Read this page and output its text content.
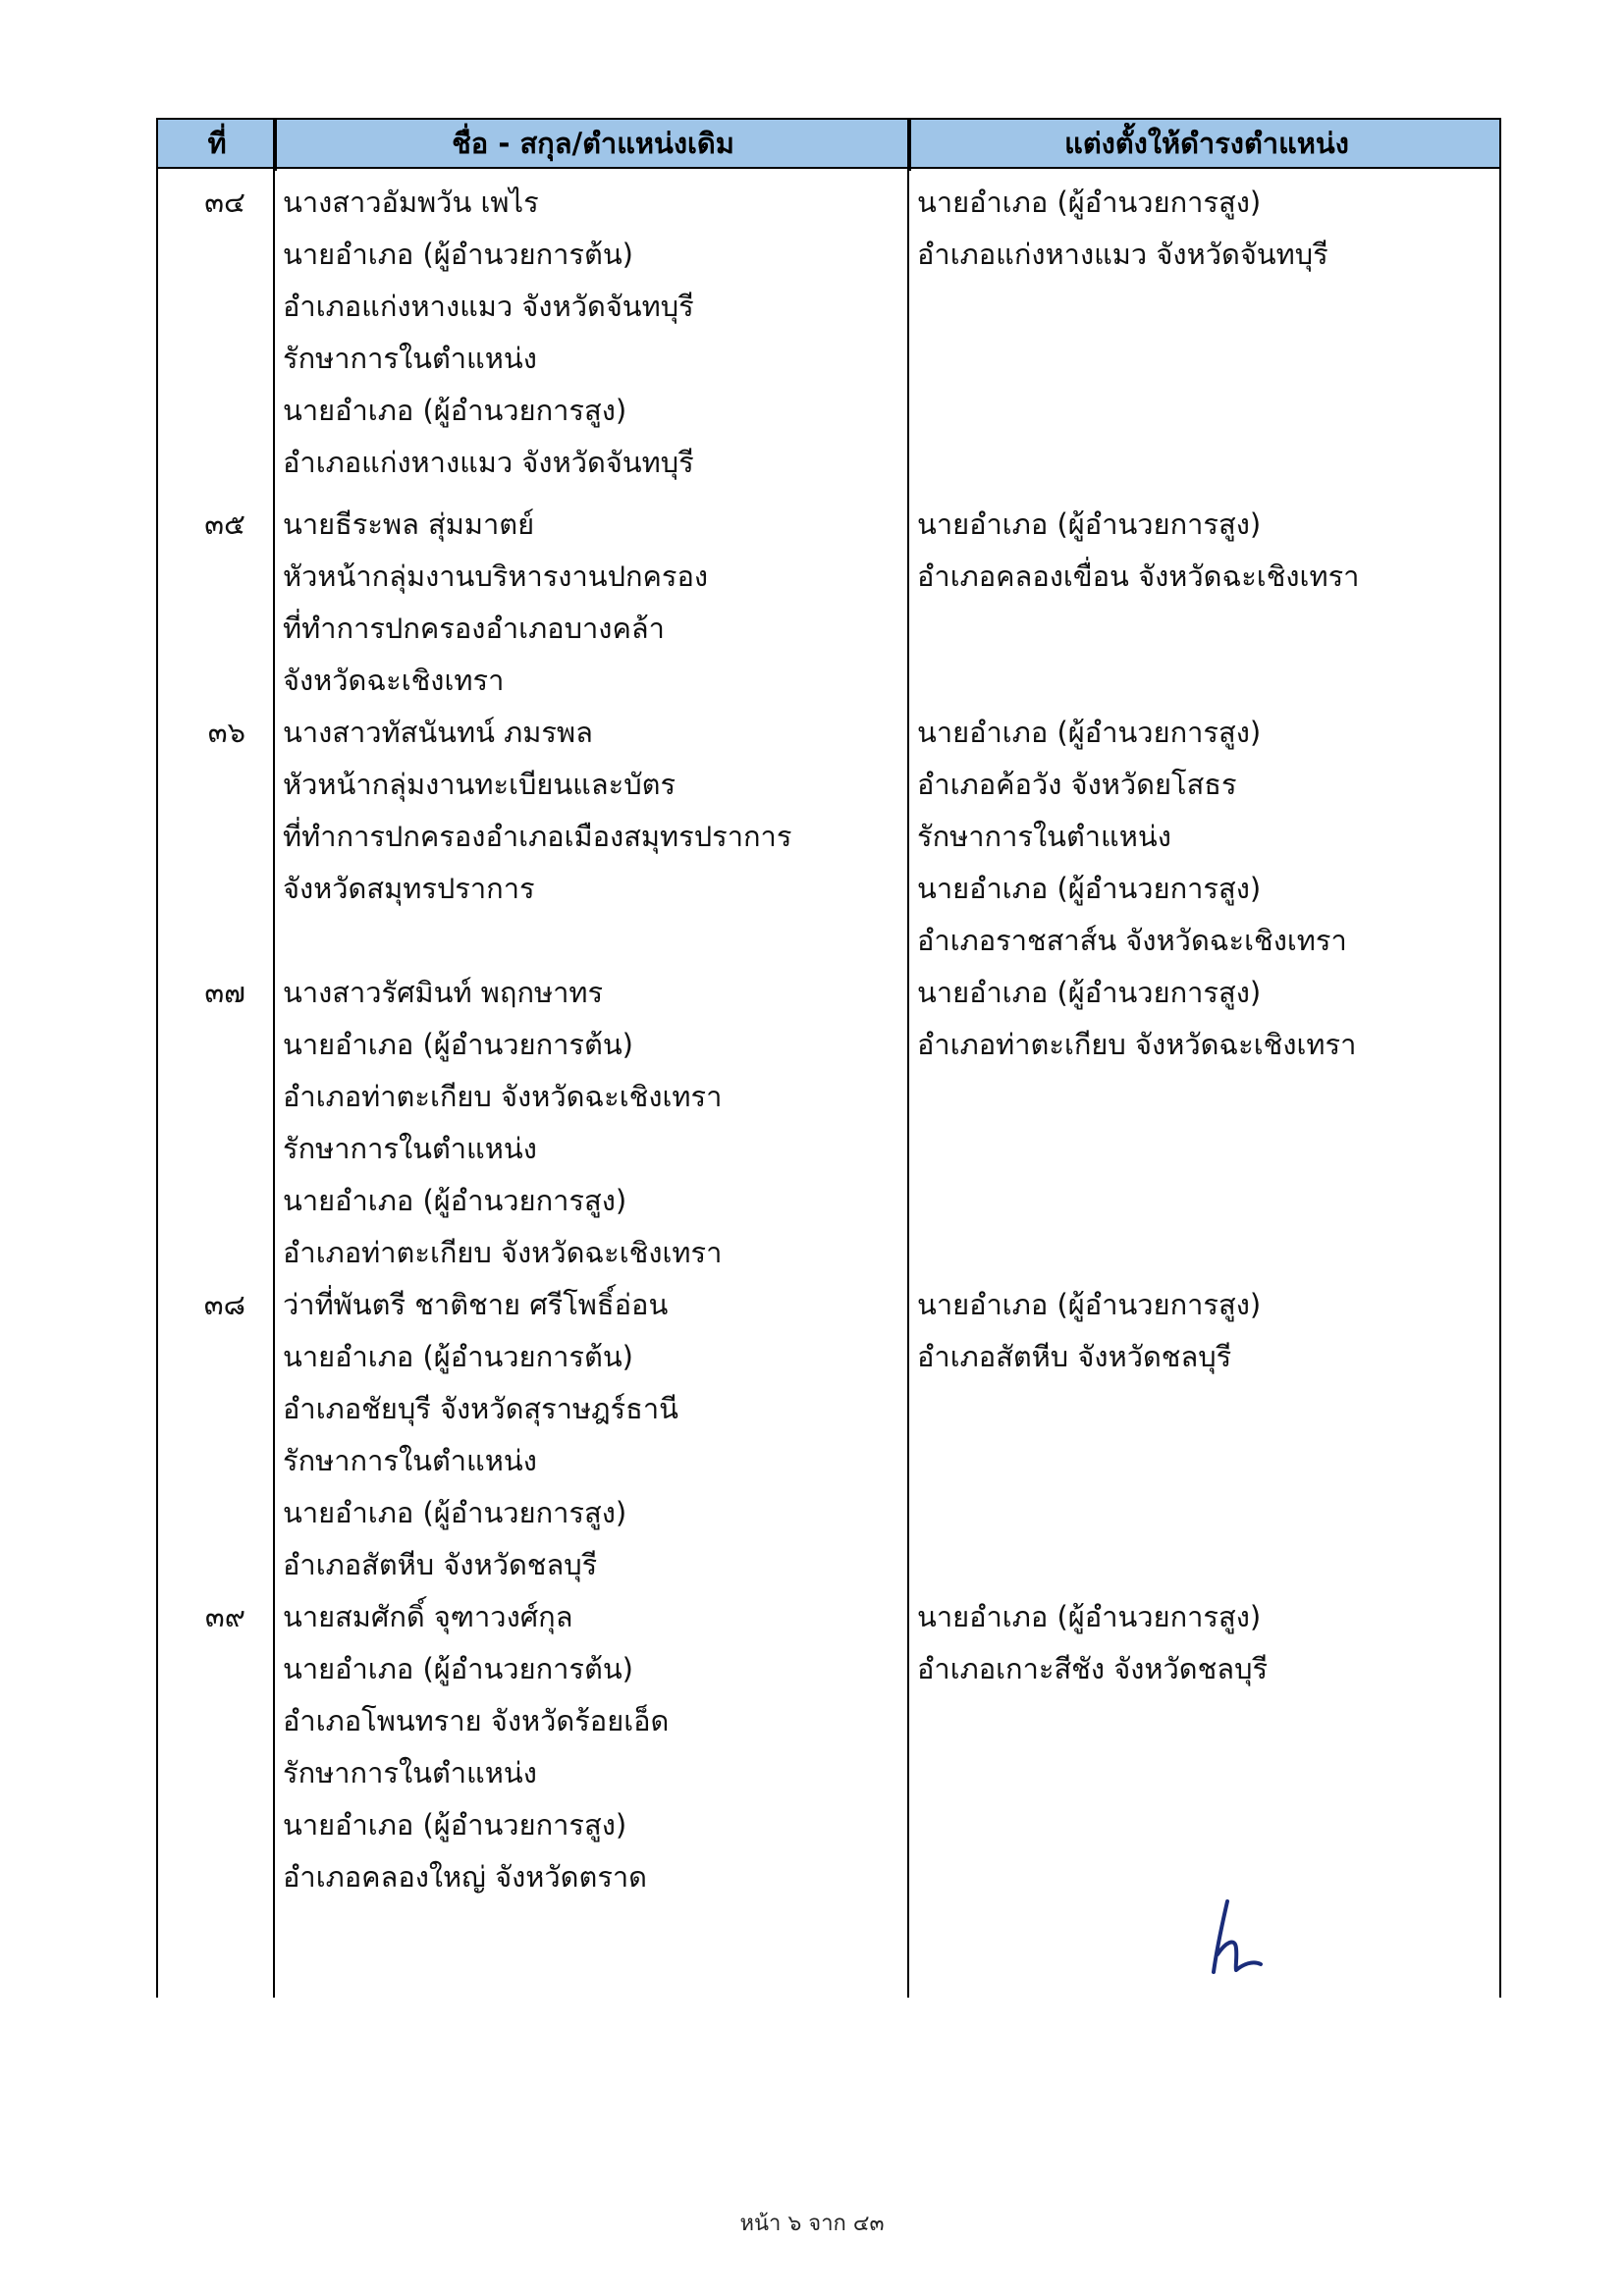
ที่	ชื่อ - สกุล/ตำแหน่งเดิม	แต่งตั้งให้ดำรงตำแหน่ง
๓๔ นางสาวอัมพวัน เพไร
นายอำเภอ (ผู้อำนวยการต้น)
อำเภอแก่งหางแมว จังหวัดจันทบุรี
รักษาการในตำแหน่ง
นายอำเภอ (ผู้อำนวยการสูง)
อำเภอแก่งหางแมว จังหวัดจันทบุรี
นายอำเภอ (ผู้อำนวยการสูง)
อำเภอแก่งหางแมว จังหวัดจันทบุรี
๓๕ นายธีระพล สุ่มมาตย์
หัวหน้ากลุ่มงานบริหารงานปกครอง
ที่ทำการปกครองอำเภอบางคล้า
จังหวัดฉะเชิงเทรา
นายอำเภอ (ผู้อำนวยการสูง)
อำเภอคลองเขื่อน จังหวัดฉะเชิงเทรา
๓๖ นางสาวทัสนันทน์ ภมรพล
หัวหน้ากลุ่มงานทะเบียนและบัตร
ที่ทำการปกครองอำเภอเมืองสมุทรปราการ
จังหวัดสมุทรปราการ
นายอำเภอ (ผู้อำนวยการสูง)
อำเภอค้อวัง จังหวัดยโสธร
รักษาการในตำแหน่ง
นายอำเภอ (ผู้อำนวยการสูง)
อำเภอราชสาส์น จังหวัดฉะเชิงเทรา
๓๗ นางสาวรัศมินท์ พฤกษาทร
นายอำเภอ (ผู้อำนวยการต้น)
อำเภอท่าตะเกียบ จังหวัดฉะเชิงเทรา
รักษาการในตำแหน่ง
นายอำเภอ (ผู้อำนวยการสูง)
อำเภอท่าตะเกียบ จังหวัดฉะเชิงเทรา
นายอำเภอ (ผู้อำนวยการสูง)
อำเภอท่าตะเกียบ จังหวัดฉะเชิงเทรา
๓๘ ว่าที่พันตรี ชาติชาย ศรีโพธิ์อ่อน
นายอำเภอ (ผู้อำนวยการต้น)
อำเภอชัยบุรี จังหวัดสุราษฎร์ธานี
รักษาการในตำแหน่ง
นายอำเภอ (ผู้อำนวยการสูง)
อำเภอสัตหีบ จังหวัดชลบุรี
นายอำเภอ (ผู้อำนวยการสูง)
อำเภอสัตหีบ จังหวัดชลบุรี
๓๙ นายสมศักดิ์ จุฑาวงศ์กุล
นายอำเภอ (ผู้อำนวยการต้น)
อำเภอโพนทราย จังหวัดร้อยเอ็ด
รักษาการในตำแหน่ง
นายอำเภอ (ผู้อำนวยการสูง)
อำเภอคลองใหญ่ จังหวัดตราด
นายอำเภอ (ผู้อำนวยการสูง)
อำเภอเกาะสีชัง จังหวัดชลบุรี
หน้า ๖ จาก ๔๓
